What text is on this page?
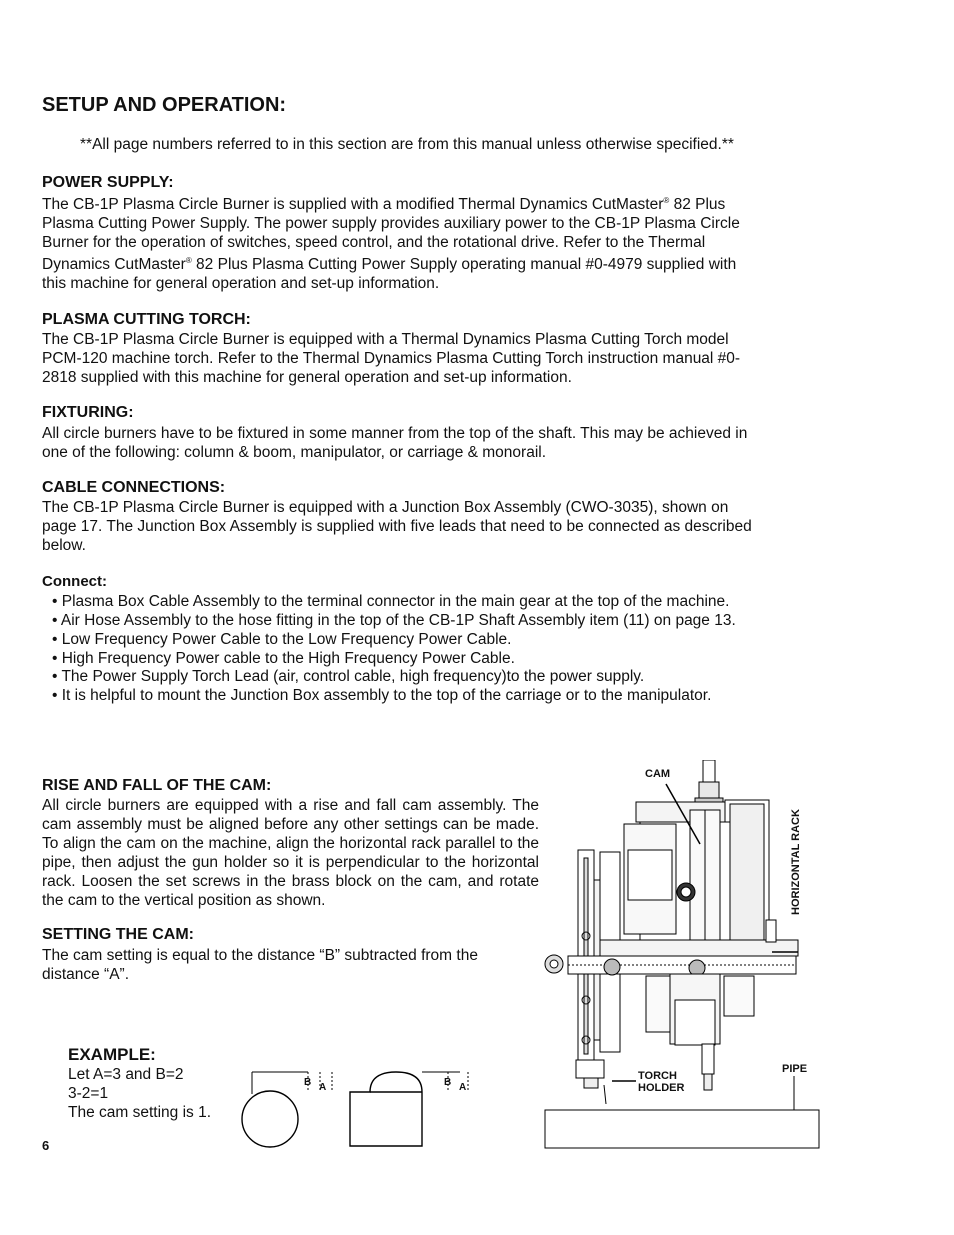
SETUP AND OPERATION:
**All page numbers referred to in this section are from this manual unless otherwise specified.**
POWER SUPPLY:
The CB-1P Plasma Circle Burner is supplied with a modified Thermal Dynamics CutMaster® 82 Plus
Plasma Cutting Power Supply. The power supply provides auxiliary power to the CB-1P Plasma Circle
Burner for the operation of switches, speed control, and the rotational drive. Refer to the Thermal
Dynamics CutMaster® 82 Plus Plasma Cutting Power Supply operating manual #0-4979 supplied with
this machine for general operation and set-up information.
PLASMA CUTTING TORCH:
The CB-1P Plasma Circle Burner is equipped with a Thermal Dynamics Plasma Cutting Torch model
PCM-120 machine torch. Refer to the Thermal Dynamics Plasma Cutting Torch instruction manual #0-
2818 supplied with this machine for general operation and set-up information.
FIXTURING:
All circle burners have to be fixtured in some manner from the top of the shaft. This may be achieved in
one of the following: column & boom, manipulator, or carriage & monorail.
CABLE CONNECTIONS:
The CB-1P Plasma Circle Burner is equipped with a Junction Box Assembly (CWO-3035), shown on
page 17. The Junction Box Assembly is supplied with five leads that need to be connected as described
below.
Connect:
• Plasma Box Cable Assembly to the terminal connector in the main gear at the top of the machine.
• Air Hose Assembly to the hose fitting in the top of the CB-1P Shaft Assembly item (11) on page 13.
• Low Frequency Power Cable to the Low Frequency Power Cable.
• High Frequency Power cable to the High Frequency Power Cable.
• The Power Supply Torch Lead (air, control cable, high frequency)to the power supply.
• It is helpful to mount the Junction Box assembly to the top of the carriage or to the manipulator.
RISE AND FALL OF THE CAM:
All circle burners are equipped with a rise and fall cam assembly. The cam assembly must be aligned before any other settings can be made. To align the cam on the machine, align the horizontal rack parallel to the pipe, then adjust the gun holder so it is perpendicular to the horizontal rack. Loosen the set screws in the brass block on the cam, and rotate the cam to the vertical position as shown.
SETTING THE CAM:
The cam setting is equal to the distance “B” subtracted from the
distance “A”.
EXAMPLE:
Let A=3 and B=2
3-2=1
The cam setting is 1.
B A	B A
CAM
HORIZONTAL RACK
TORCH
HOLDER
PIPE
6
